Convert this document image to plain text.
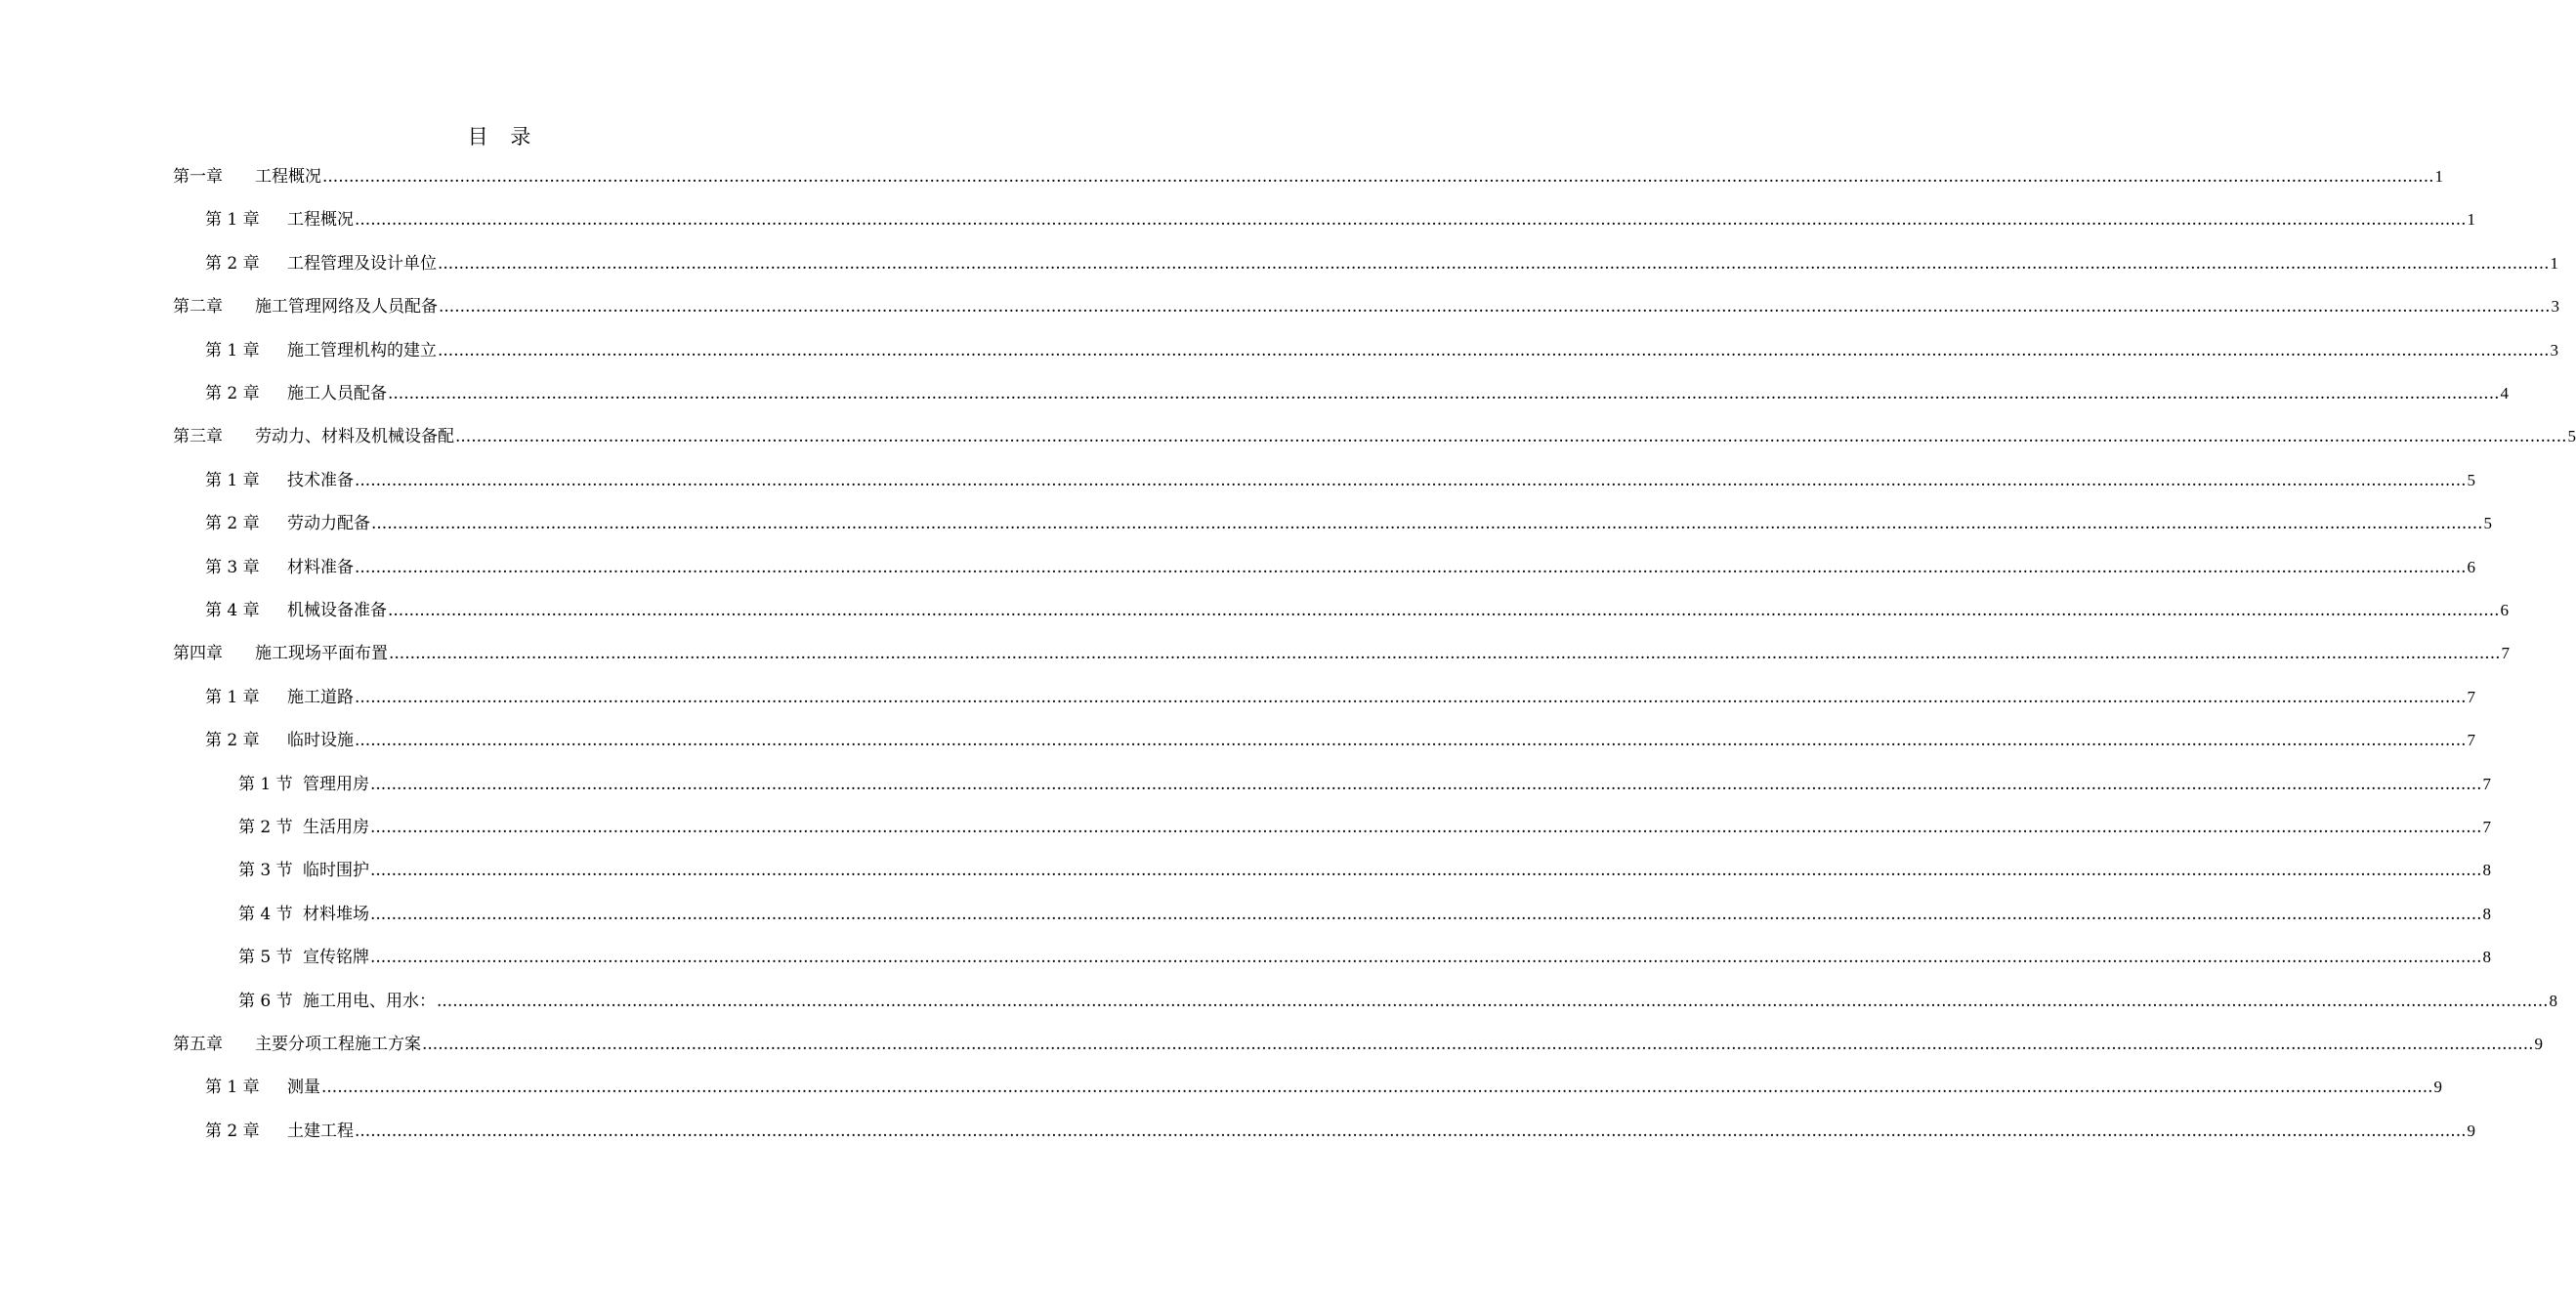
目 录
第一章	工程概况 ................................................................................................................................................................................................................................................................................................................................................................................................................ 1
第 1 章	工程概况 ................................................................................................................................................................................................................................................................................................................................................................................................................ 1
第 2 章	工程管理及设计单位 ................................................................................................................................................................................................................................................................................................................................................................................................................ 1
第二章	施工管理网络及人员配备 ................................................................................................................................................................................................................................................................................................................................................................................................................ 3
第 1 章	施工管理机构的建立 ................................................................................................................................................................................................................................................................................................................................................................................................................ 3
第 2 章	施工人员配备 ................................................................................................................................................................................................................................................................................................................................................................................................................ 4
第三章	劳动力、材料及机械设备配 ................................................................................................................................................................................................................................................................................................................................................................................................................ 5
第 1 章	技术准备 ................................................................................................................................................................................................................................................................................................................................................................................................................ 5
第 2 章	劳动力配备 ................................................................................................................................................................................................................................................................................................................................................................................................................ 5
第 3 章	材料准备 ................................................................................................................................................................................................................................................................................................................................................................................................................ 6
第 4 章	机械设备准备 ................................................................................................................................................................................................................................................................................................................................................................................................................ 6
第四章	施工现场平面布置 ................................................................................................................................................................................................................................................................................................................................................................................................................ 7
第 1 章	施工道路 ................................................................................................................................................................................................................................................................................................................................................................................................................ 7
第 2 章	临时设施 ................................................................................................................................................................................................................................................................................................................................................................................................................ 7
第 1 节 管理用房 ................................................................................................................................................................................................................................................................................................................................................................................................................ 7
第 2 节 生活用房 ................................................................................................................................................................................................................................................................................................................................................................................................................ 7
第 3 节 临时围护 ................................................................................................................................................................................................................................................................................................................................................................................................................ 8
第 4 节 材料堆场 ................................................................................................................................................................................................................................................................................................................................................................................................................ 8
第 5 节 宣传铭牌 ................................................................................................................................................................................................................................................................................................................................................................................................................ 8
第 6 节 施工用电、用水： ................................................................................................................................................................................................................................................................................................................................................................................................................ 8
第五章	主要分项工程施工方案 ................................................................................................................................................................................................................................................................................................................................................................................................................ 9
第 1 章	测量 ................................................................................................................................................................................................................................................................................................................................................................................................................ 9
第 2 章	土建工程 ................................................................................................................................................................................................................................................................................................................................................................................................................ 9
